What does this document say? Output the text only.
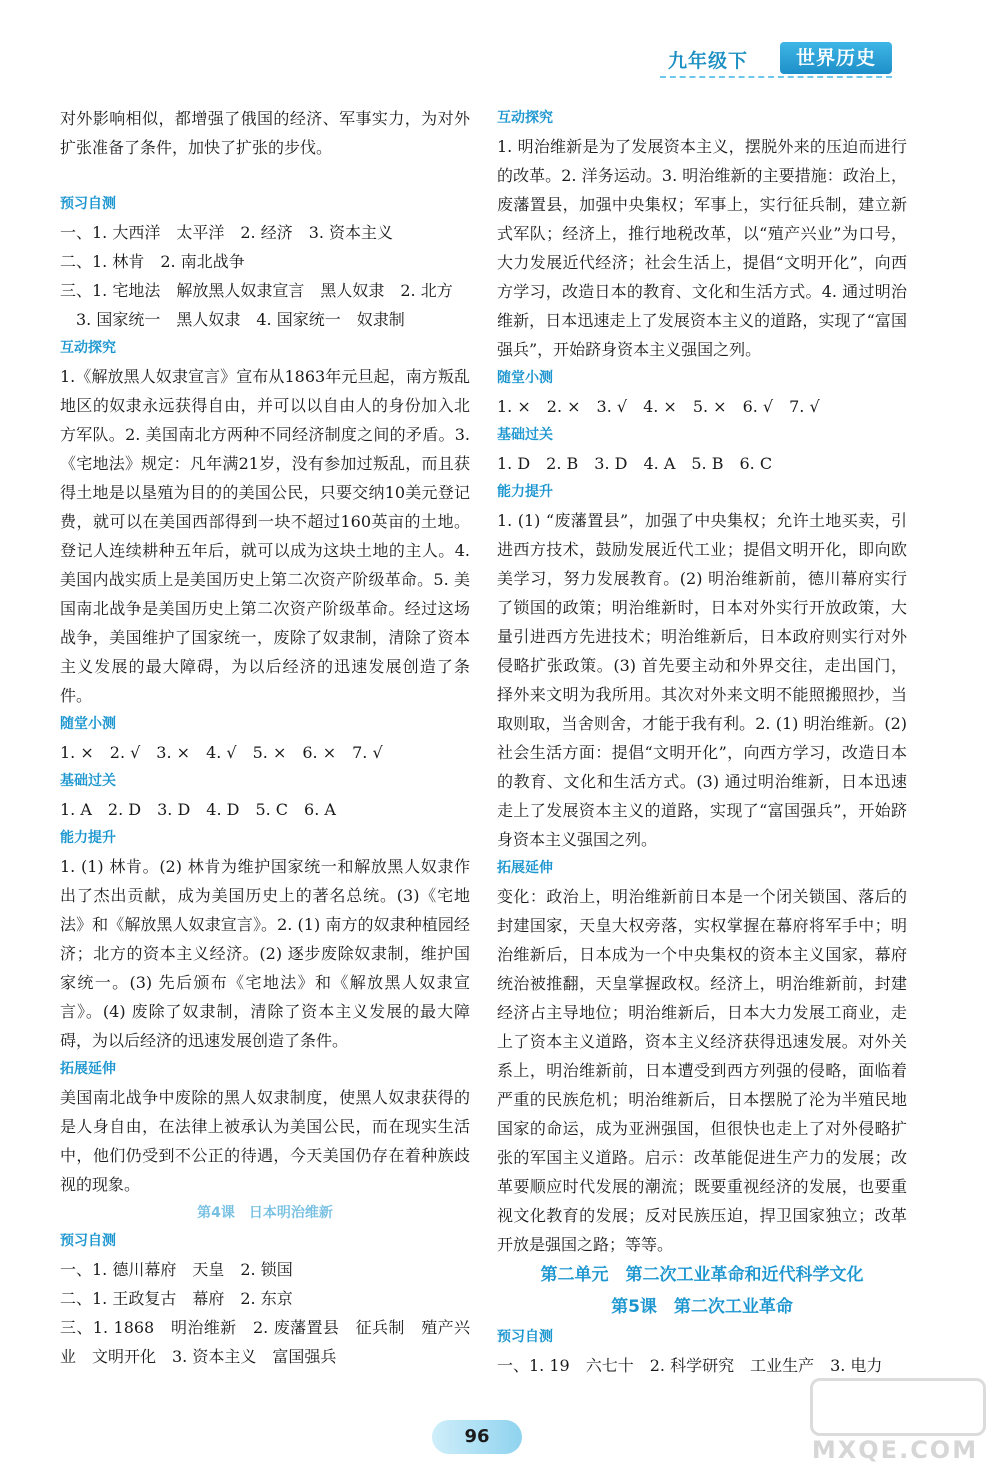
九年级下	世界历史

对外影响相似，都增强了俄国的经济、军事实力，为对外扩张准备了条件，加快了扩张的步伐。

预习自测

一、1. 大西洋　太平洋　2. 经济　3. 资本主义

二、1. 林肯　2. 南北战争

三、1. 宅地法　解放黑人奴隶宣言　黑人奴隶　2. 北方

　3. 国家统一　黑人奴隶　4. 国家统一　奴隶制

互动探究

1.《解放黑人奴隶宣言》宣布从1863年元旦起，南方叛乱地区的奴隶永远获得自由，并可以以自由人的身份加入北方军队。2. 美国南北方两种不同经济制度之间的矛盾。3.《宅地法》规定：凡年满21岁，没有参加过叛乱，而且获得土地是以垦殖为目的的美国公民，只要交纳10美元登记费，就可以在美国西部得到一块不超过160英亩的土地。登记人连续耕种五年后，就可以成为这块土地的主人。4. 美国内战实质上是美国历史上第二次资产阶级革命。5. 美国南北战争是美国历史上第二次资产阶级革命。经过这场战争，美国维护了国家统一，废除了奴隶制，清除了资本主义发展的最大障碍，为以后经济的迅速发展创造了条件。

随堂小测

1. ×　2. √　3. ×　4. √　5. ×　6. ×　7. √

基础过关

1. A　2. D　3. D　4. D　5. C　6. A

能力提升

1. (1) 林肯。(2) 林肯为维护国家统一和解放黑人奴隶作出了杰出贡献，成为美国历史上的著名总统。(3)《宅地法》和《解放黑人奴隶宣言》。2. (1) 南方的奴隶种植园经济；北方的资本主义经济。(2) 逐步废除奴隶制，维护国家统一。(3) 先后颁布《宅地法》和《解放黑人奴隶宣言》。(4) 废除了奴隶制，清除了资本主义发展的最大障碍，为以后经济的迅速发展创造了条件。

拓展延伸

美国南北战争中废除的黑人奴隶制度，使黑人奴隶获得的是人身自由，在法律上被承认为美国公民，而在现实生活中，他们仍受到不公正的待遇，今天美国仍存在着种族歧视的现象。

第4课　日本明治维新
预习自测

一、1. 德川幕府　天皇　2. 锁国

二、1. 王政复古　幕府　2. 东京

三、1. 1868　明治维新　2. 废藩置县　征兵制　殖产兴业　文明开化　3. 资本主义　富国强兵

互动探究

1. 明治维新是为了发展资本主义，摆脱外来的压迫而进行的改革。2. 洋务运动。3. 明治维新的主要措施：政治上，废藩置县，加强中央集权；军事上，实行征兵制，建立新式军队；经济上，推行地税改革，以“殖产兴业”为口号，大力发展近代经济；社会生活上，提倡“文明开化”，向西方学习，改造日本的教育、文化和生活方式。4. 通过明治维新，日本迅速走上了发展资本主义的道路，实现了“富国强兵”，开始跻身资本主义强国之列。

随堂小测

1. ×　2. ×　3. √　4. ×　5. ×　6. √　7. √

基础过关

1. D　2. B　3. D　4. A　5. B　6. C

能力提升

1. (1) “废藩置县”，加强了中央集权；允许土地买卖，引进西方技术，鼓励发展近代工业；提倡文明开化，即向欧美学习，努力发展教育。(2) 明治维新前，德川幕府实行了锁国的政策；明治维新时，日本对外实行开放政策，大量引进西方先进技术；明治维新后，日本政府则实行对外侵略扩张政策。(3) 首先要主动和外界交往，走出国门，择外来文明为我所用。其次对外来文明不能照搬照抄，当取则取，当舍则舍，才能于我有利。2. (1) 明治维新。(2) 社会生活方面：提倡“文明开化”，向西方学习，改造日本的教育、文化和生活方式。(3) 通过明治维新，日本迅速走上了发展资本主义的道路，实现了“富国强兵”，开始跻身资本主义强国之列。

拓展延伸

变化：政治上，明治维新前日本是一个闭关锁国、落后的封建国家，天皇大权旁落，实权掌握在幕府将军手中；明治维新后，日本成为一个中央集权的资本主义国家，幕府统治被推翻，天皇掌握政权。经济上，明治维新前，封建经济占主导地位；明治维新后，日本大力发展工商业，走上了资本主义道路，资本主义经济获得迅速发展。对外关系上，明治维新前，日本遭受到西方列强的侵略，面临着严重的民族危机；明治维新后，日本摆脱了沦为半殖民地国家的命运，成为亚洲强国，但很快也走上了对外侵略扩张的军国主义道路。启示：改革能促进生产力的发展；改革要顺应时代发展的潮流；既要重视经济的发展，也要重视文化教育的发展；反对民族压迫，捍卫国家独立；改革开放是强国之路；等等。

第二单元　第二次工业革命和近代科学文化
第5课　第二次工业革命
预习自测

一、1. 19　六七十　2. 科学研究　工业生产　3. 电力

96	MXQE.COM
